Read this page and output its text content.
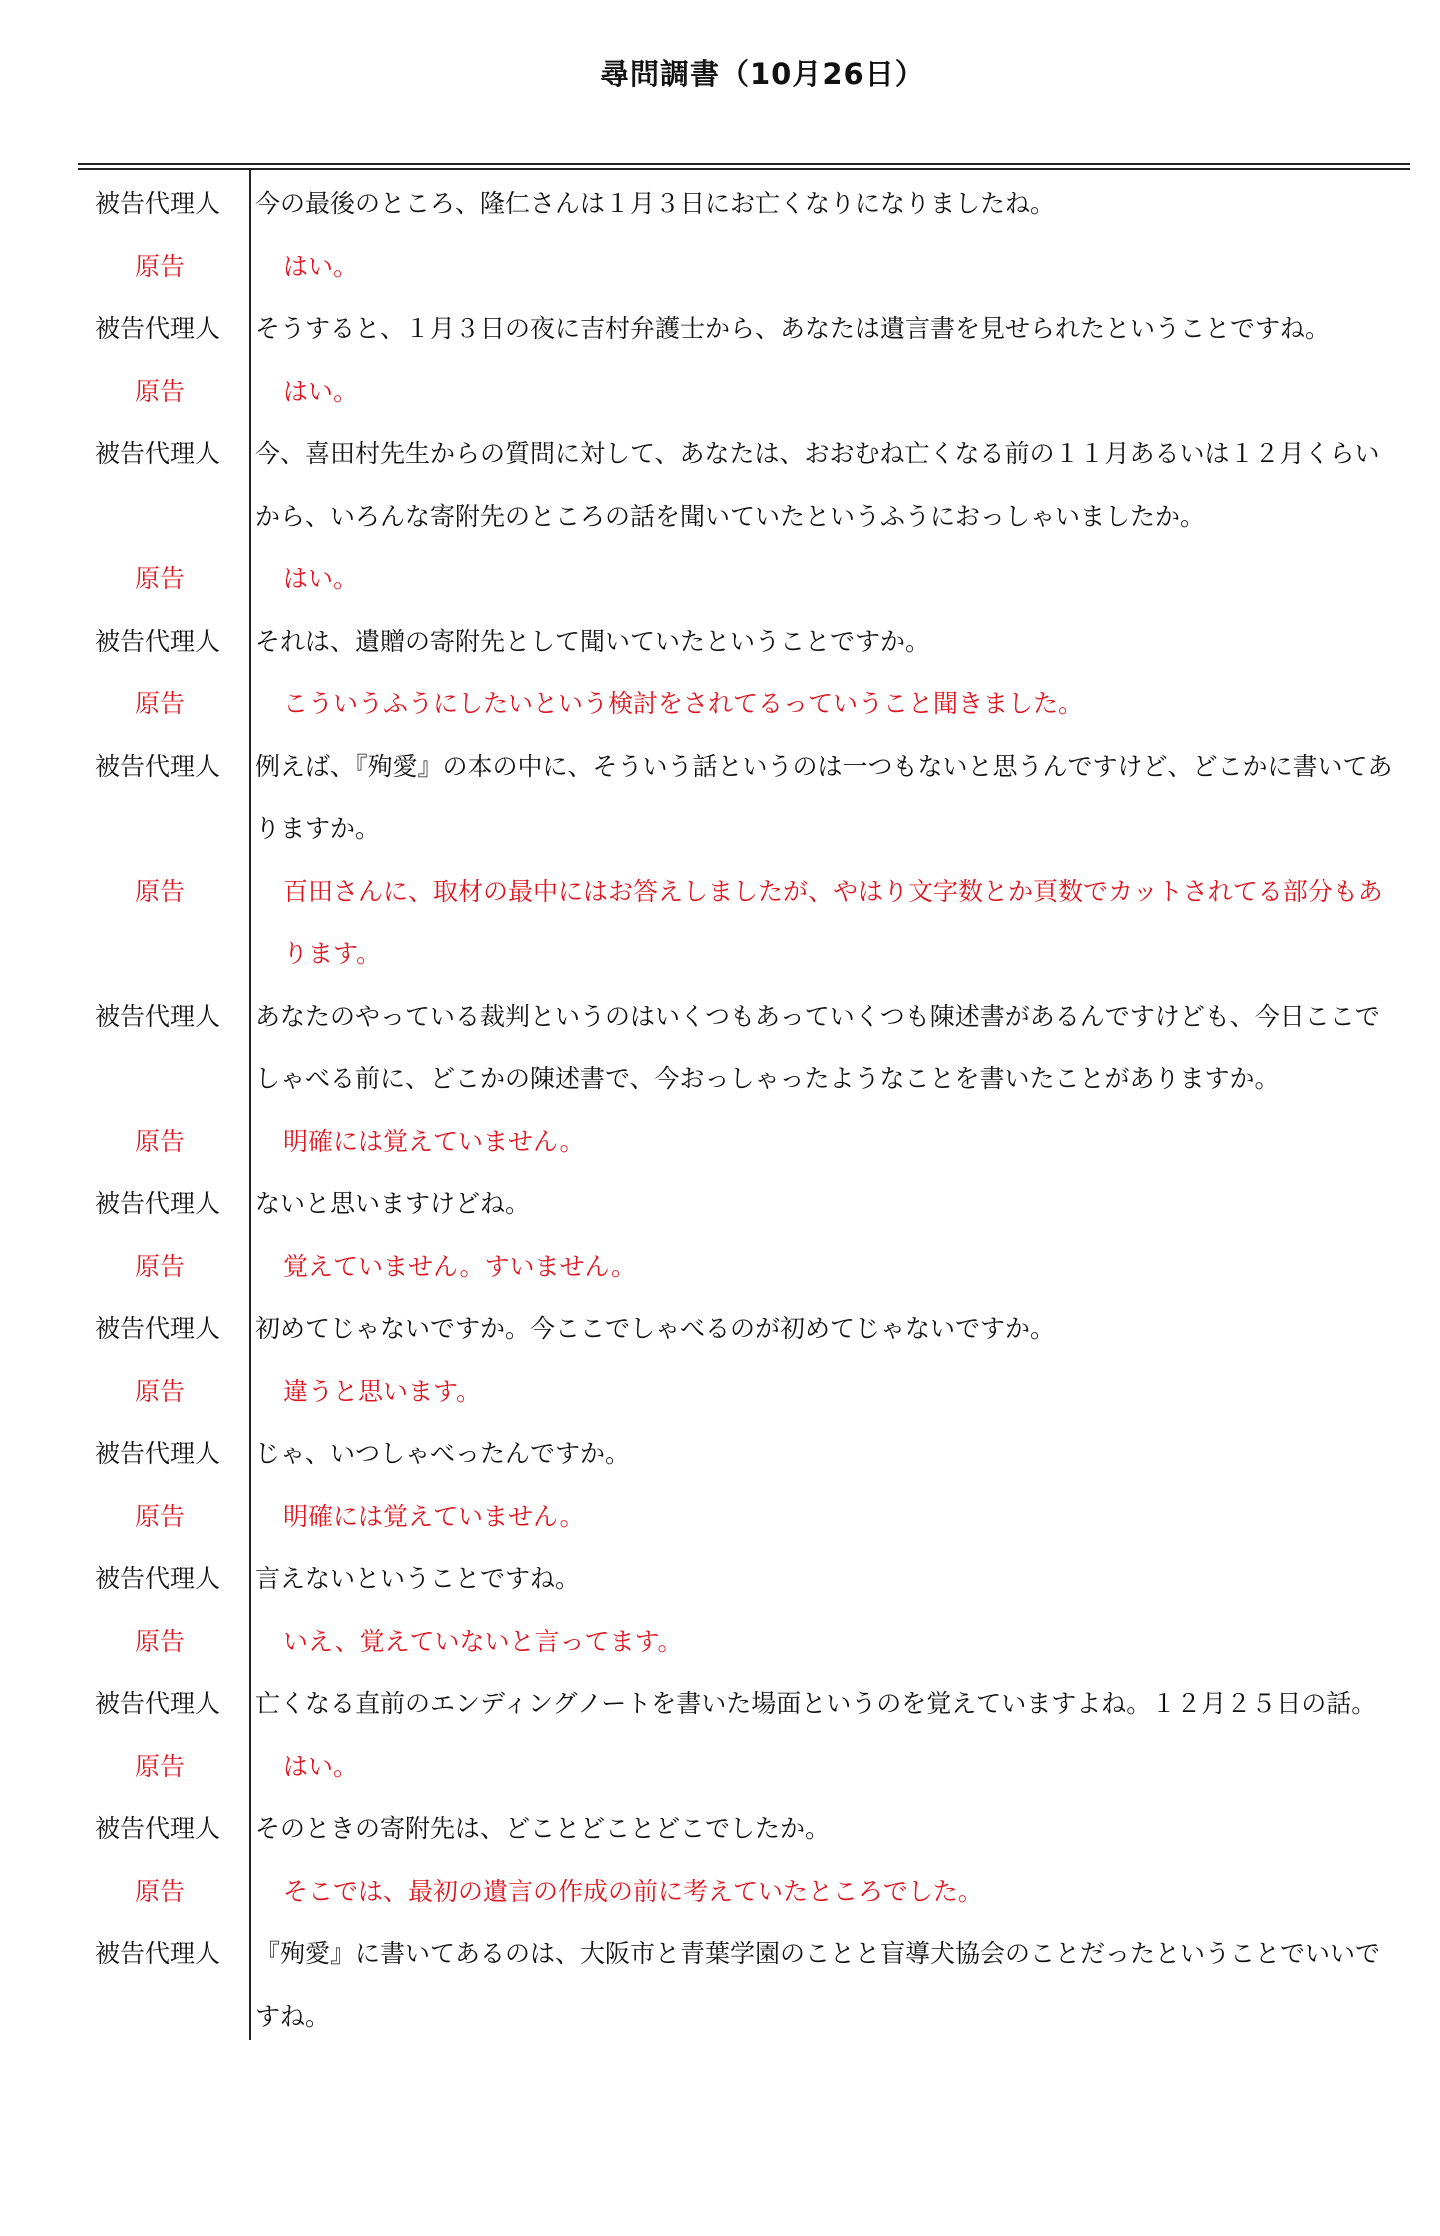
尋問調書（10月26日）
被告代理人	今の最後のところ、隆仁さんは１月３日にお亡くなりになりましたね。
原告	はい。
被告代理人	そうすると、１月３日の夜に吉村弁護士から、あなたは遺言書を見せられたということですね。
原告	はい。
被告代理人	今、喜田村先生からの質問に対して、あなたは、おおむね亡くなる前の１１月あるいは１２月くらいから、いろんな寄附先のところの話を聞いていたというふうにおっしゃいましたか。
原告	はい。
被告代理人	それは、遺贈の寄附先として聞いていたということですか。
原告	こういうふうにしたいという検討をされてるっていうこと聞きました。
被告代理人	例えば、『殉愛』の本の中に、そういう話というのは一つもないと思うんですけど、どこかに書いてありますか。
原告	百田さんに、取材の最中にはお答えしましたが、やはり文字数とか頁数でカットされてる部分もあります。
被告代理人	あなたのやっている裁判というのはいくつもあっていくつも陳述書があるんですけども、今日ここでしゃべる前に、どこかの陳述書で、今おっしゃったようなことを書いたことがありますか。
原告	明確には覚えていません。
被告代理人	ないと思いますけどね。
原告	覚えていません。すいません。
被告代理人	初めてじゃないですか。今ここでしゃべるのが初めてじゃないですか。
原告	違うと思います。
被告代理人	じゃ、いつしゃべったんですか。
原告	明確には覚えていません。
被告代理人	言えないということですね。
原告	いえ、覚えていないと言ってます。
被告代理人	亡くなる直前のエンディングノートを書いた場面というのを覚えていますよね。１２月２５日の話。
原告	はい。
被告代理人	そのときの寄附先は、どことどことどこでしたか。
原告	そこでは、最初の遺言の作成の前に考えていたところでした。
被告代理人	『殉愛』に書いてあるのは、大阪市と青葉学園のことと盲導犬協会のことだったということでいいですね。
